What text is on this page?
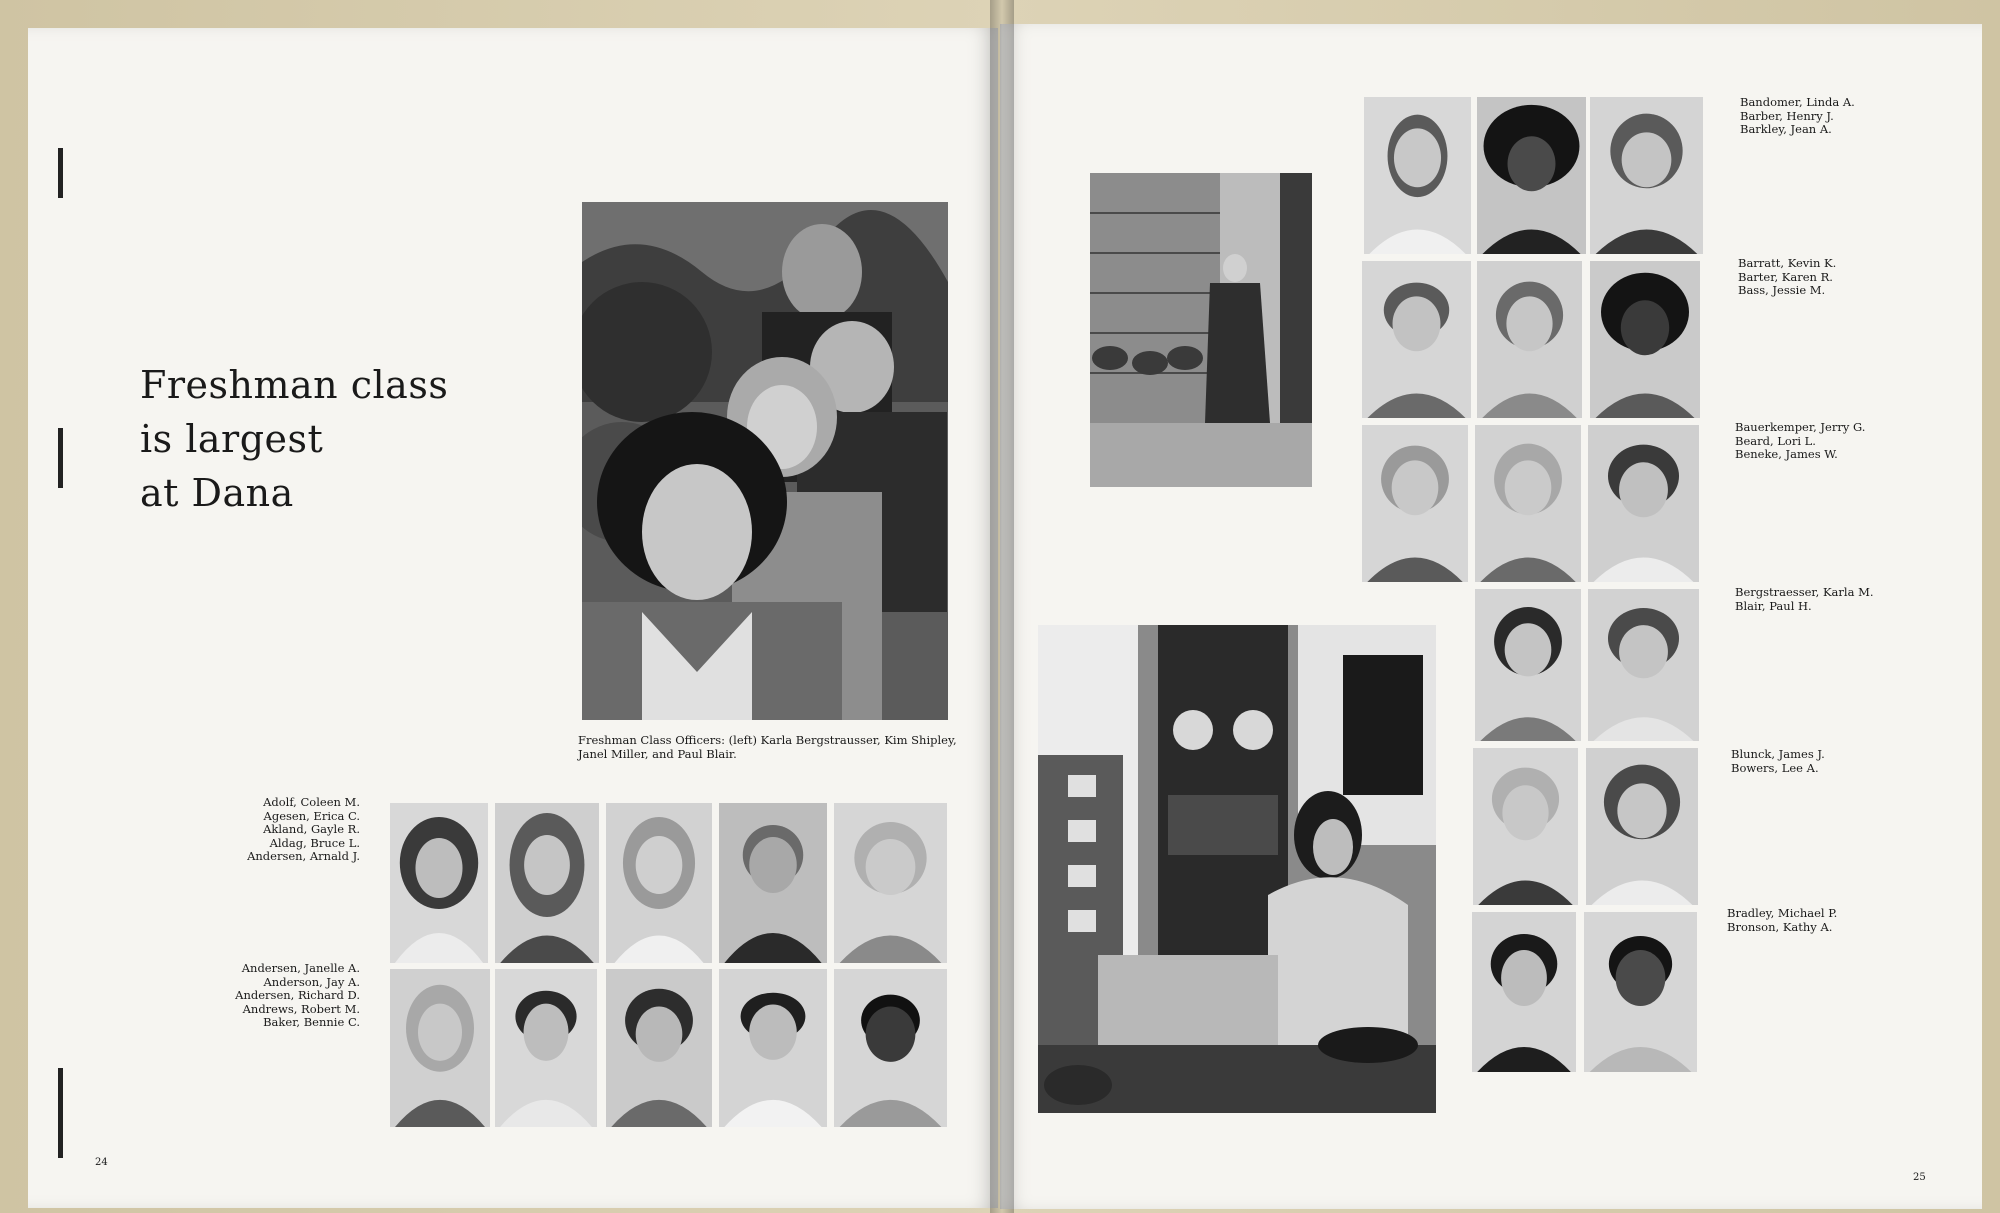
Freshman class
is largest
at Dana
Freshman Class Officers: (left) Karla Bergstrausser, Kim Shipley,
Janel Miller, and Paul Blair.
Adolf, Coleen M.
Agesen, Erica C.
Akland, Gayle R.
Aldag, Bruce L.
Andersen, Arnald J.
Andersen, Janelle A.
Anderson, Jay A.
Andersen, Richard D.
Andrews, Robert M.
Baker, Bennie C.
24
Bandomer, Linda A.
Barber, Henry J.
Barkley, Jean A.
Barratt, Kevin K.
Barter, Karen R.
Bass, Jessie M.
Bauerkemper, Jerry G.
Beard, Lori L.
Beneke, James W.
Bergstraesser, Karla M.
Blair, Paul H.
Blunck, James J.
Bowers, Lee A.
Bradley, Michael P.
Bronson, Kathy A.
25
